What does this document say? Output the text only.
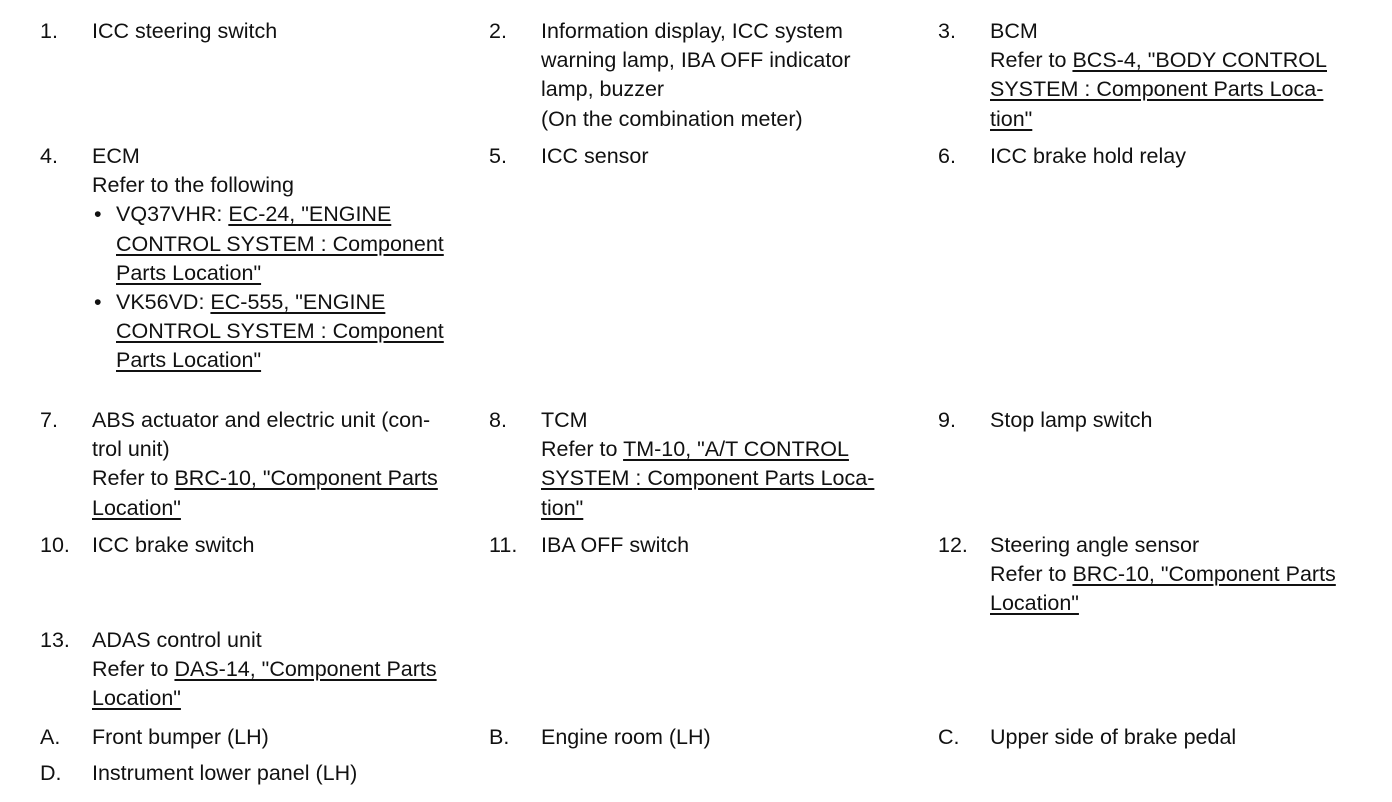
1.	ICC steering switch	2.	Information display, ICC system
warning lamp, IBA OFF indicator
lamp, buzzer
(On the combination meter)
3.	BCM
Refer to BCS-4, "BODY CONTROL
SYSTEM : Component Parts Loca-
tion"
4.	ECM
Refer to the following
• VQ37VHR: EC-24, "ENGINE
CONTROL SYSTEM : Component
Parts Location"
• VK56VD: EC-555, "ENGINE
CONTROL SYSTEM : Component
Parts Location"
5.	ICC sensor	6.	ICC brake hold relay
7.	ABS actuator and electric unit (con-
trol unit)
Refer to BRC-10, "Component Parts
Location"
8.	TCM
Refer to TM-10, "A/T CONTROL
SYSTEM : Component Parts Loca-
tion"
9.	Stop lamp switch
10.	ICC brake switch	11.	IBA OFF switch	12.	Steering angle sensor
Refer to BRC-10, "Component Parts
Location"
13.	ADAS control unit
Refer to DAS-14, "Component Parts
Location"
A.	Front bumper (LH)	B.	Engine room (LH)	C.	Upper side of brake pedal
D.	Instrument lower panel (LH)
